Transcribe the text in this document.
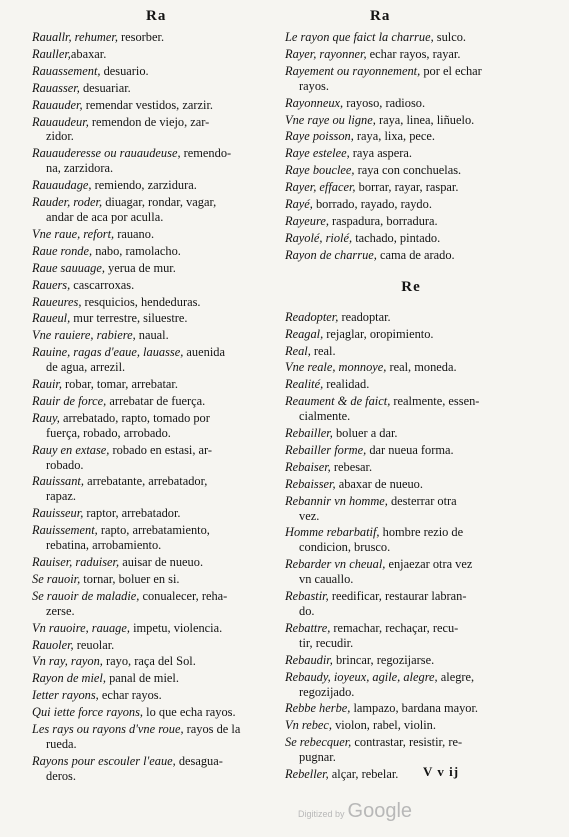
Ra	Ra
Rauallr, rehumer, resorber.
Rauller,abaxar.
Rauassement, desuario.
Rauasser, desuariar.
Rauauder, remendar vestidos, zarzir.
Rauaudeur, remendon de viejo, zar-
zidor.
Rauauderesse ou rauaudeuse, remendo-
na, zarzidora.
Rauaudage, remiendo, zarzidura.
Rauder, roder, diuagar, rondar, vagar,
andar de aca por aculla.
Vne raue, refort, rauano.
Raue ronde, nabo, ramolacho.
Raue sauuage, yerua de mur.
Rauers, cascarroxas.
Raueures, resquicios, hendeduras.
Raueul, mur terrestre, siluestre.
Vne rauiere, rabiere, naual.
Rauine, ragas d'eaue, lauasse, auenida
de agua, arrezil.
Rauir, robar, tomar, arrebatar.
Rauir de force, arrebatar de fuerça.
Rauy, arrebatado, rapto, tomado por
fuerça, robado, arrobado.
Rauy en extase, robado en estasi, ar-
robado.
Rauissant, arrebatante, arrebatador,
rapaz.
Rauisseur, raptor, arrebatador.
Rauissement, rapto, arrebatamiento,
rebatina, arrobamiento.
Rauiser, raduiser, auisar de nueuo.
Se rauoir, tornar, boluer en si.
Se rauoir de maladie, conualecer, reha-
zerse.
Vn rauoire, rauage, impetu, violencia.
Rauoler, reuolar.
Vn ray, rayon, rayo, raça del Sol.
Rayon de miel, panal de miel.
Ietter rayons, echar rayos.
Qui iette force rayons, lo que echa rayos.
Les rays ou rayons d'vne roue, rayos de la
rueda.
Rayons pour escouler l'eaue, desagua-
deros.
Le rayon que faict la charrue, sulco.
Rayer, rayonner, echar rayos, rayar.
Rayement ou rayonnement, por el echar
rayos.
Rayonneux, rayoso, radioso.
Vne raye ou ligne, raya, linea, liñuelo.
Raye poisson, raya, lixa, pece.
Raye estelee, raya aspera.
Raye bouclee, raya con conchuelas.
Rayer, effacer, borrar, rayar, raspar.
Rayé, borrado, rayado, raydo.
Rayeure, raspadura, borradura.
Rayolé, riolé, tachado, pintado.
Rayon de charrue, cama de arado.
Re
Readopter, readoptar.
Reagal, rejaglar, oropimiento.
Real, real.
Vne reale, monnoye, real, moneda.
Realité, realidad.
Reaument & de faict, realmente, essen-
cialmente.
Rebailler, boluer a dar.
Rebailler forme, dar nueua forma.
Rebaiser, rebesar.
Rebaisser, abaxar de nueuo.
Rebannir vn homme, desterrar otra
vez.
Homme rebarbatif, hombre rezio de
condicion, brusco.
Rebarder vn cheual, enjaezar otra vez
vn cauallo.
Rebastir, reedificar, restaurar labran-
do.
Rebattre, remachar, rechaçar, recu-
tir, recudir.
Rebaudir, brincar, regozijarse.
Rebaudy, ioyeux, agile, alegre, alegre,
regozijado.
Rebbe herbe, lampazo, bardana mayor.
Vn rebec, violon, rabel, violin.
Se rebecquer, contrastar, resistir, re-
pugnar.
Rebeller, alçar, rebelar.	V v ij
Digitized by Google
